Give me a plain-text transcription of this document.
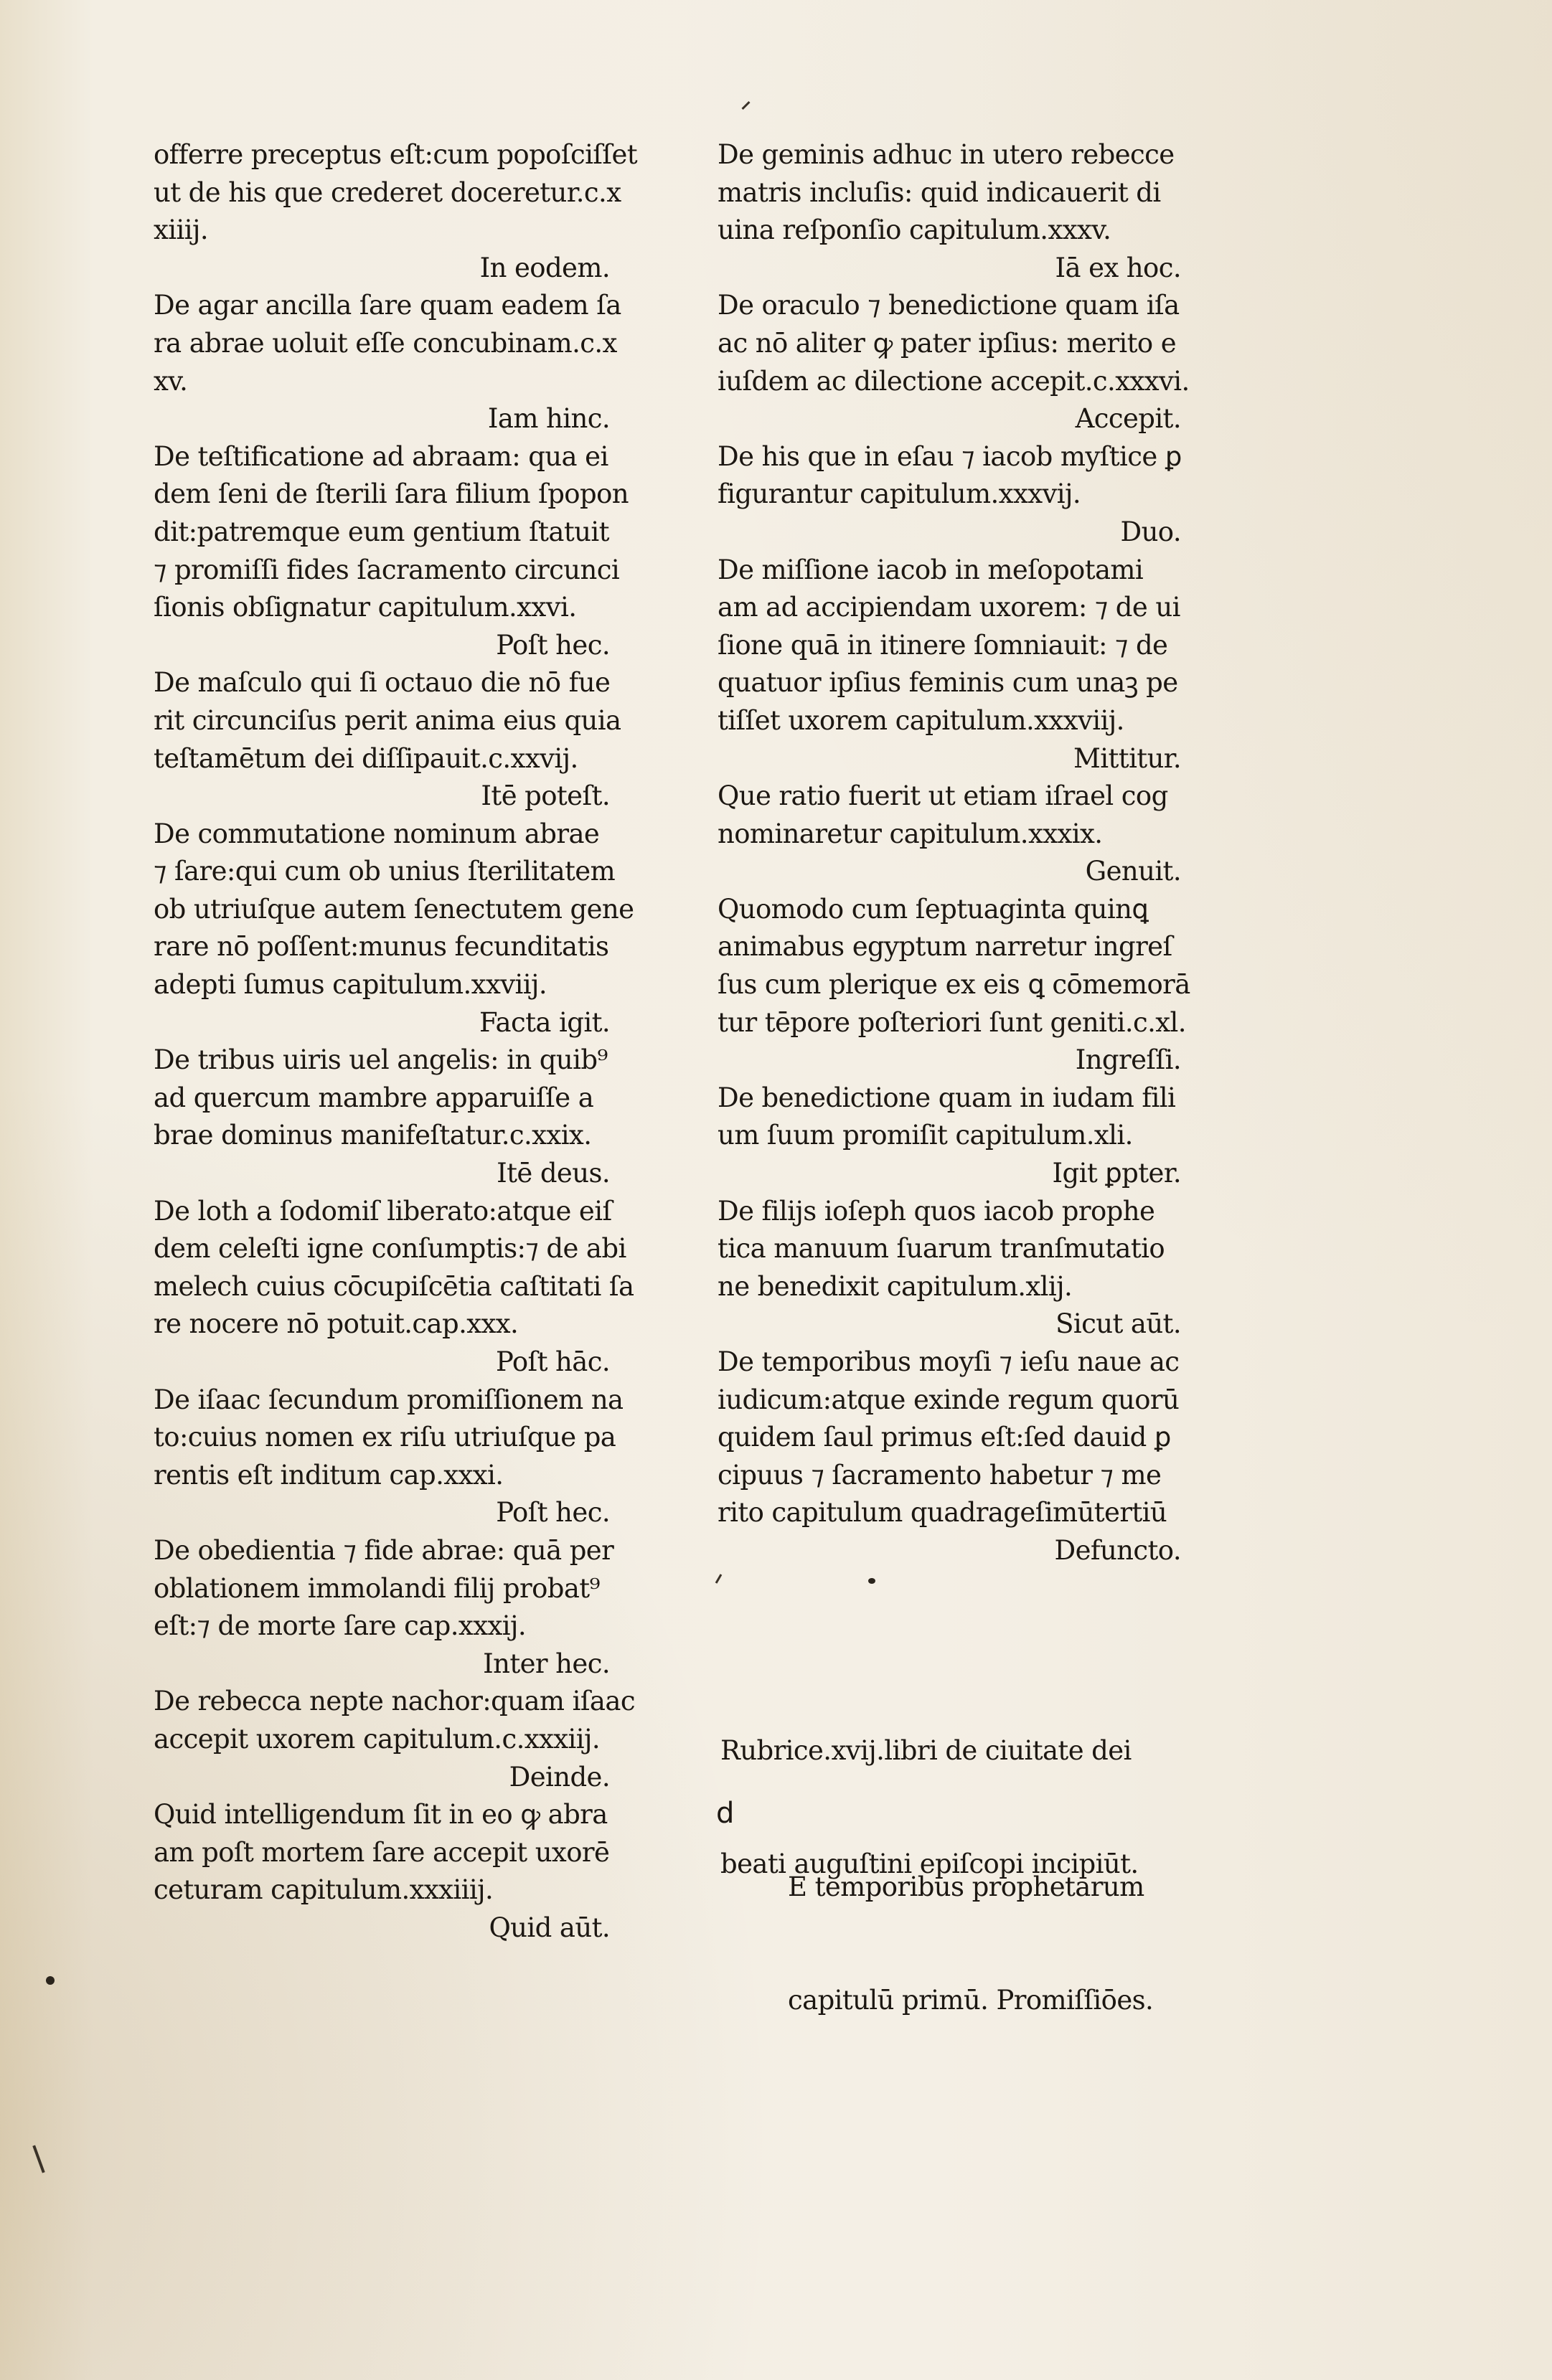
offerre preceptus eſt:cum popoſciſſet
ut de his que crederet doceretur.c.x
xiiij.
In eodem.
De agar ancilla ſare quam eadem ſa
ra abrae uoluit eſſe concubinam.c.x
xv.
Iam hinc.
De teſtificatione ad abraam: qua ei
dem ſeni de ſterili ſara filium ſpopon
dit:patremque eum gentium ſtatuit
⁊ promiſſi fides ſacramento circunci
ſionis obſignatur capitulum.xxvi.
Poſt hec.
De maſculo qui ſi octauo die nō fue
rit circunciſus perit anima eius quia
teſtamētum dei diſſipauit.c.xxvij.
Itē poteſt.
De commutatione nominum abrae
⁊ ſare:qui cum ob unius ſterilitatem
ob utriuſque autem ſenectutem gene
rare nō poſſent:munus fecunditatis
adepti ſumus capitulum.xxviij.
Facta igit.
De tribus uiris uel angelis: in quib⁹
ad quercum mambre apparuiſſe a
brae dominus manifeſtatur.c.xxix.
Itē deus.
De loth a ſodomiſ liberato:atque eiſ
dem celeſti igne conſumptis:⁊ de abi
melech cuius cōcupiſcētia caſtitati ſa
re nocere nō potuit.cap.xxx.
Poſt hāc.
De iſaac ſecundum promiſſionem na
to:cuius nomen ex riſu utriuſque pa
rentis eſt inditum cap.xxxi.
Poſt hec.
De obedientia ⁊ fide abrae: quā per
oblationem immolandi filij probat⁹
eſt:⁊ de morte ſare cap.xxxij.
Inter hec.
De rebecca nepte nachor:quam iſaac
accepit uxorem capitulum.c.xxxiij.
Deinde.
Quid intelligendum ſit in eo ꝙ abra
am poſt mortem ſare accepit uxorē
ceturam capitulum.xxxiiij.
Quid aūt.
De geminis adhuc in utero rebecce
matris incluſis: quid indicauerit di
uina reſponſio capitulum.xxxv.
Iā ex hoc.
De oraculo ⁊ benedictione quam iſa
ac nō aliter ꝙ pater ipſius: merito e
iuſdem ac dilectione accepit.c.xxxvi.
Accepit.
De his que in eſau ⁊ iacob myſtice ꝑ
figurantur capitulum.xxxvij.
Duo.
De miſſione iacob in meſopotami
am ad accipiendam uxorem: ⁊ de ui
ſione quā in itinere ſomniauit: ⁊ de
quatuor ipſius feminis cum unaꝫ pe
tiſſet uxorem capitulum.xxxviij.
Mittitur.
Que ratio fuerit ut etiam iſrael cog
nominaretur capitulum.xxxix.
Genuit.
Quomodo cum ſeptuaginta quinꝗ
animabus egyptum narretur ingreſ
ſus cum plerique ex eis ꝗ cōmemorā
tur tēpore poſteriori ſunt geniti.c.xl.
Ingreſſi.
De benedictione quam in iudam fili
um ſuum promiſit capitulum.xli.
Igit ꝑpter.
De filijs ioſeph quos iacob prophe
tica manuum ſuarum tranſmutatio
ne benedixit capitulum.xlij.
Sicut aūt.
De temporibus moyſi ⁊ ieſu naue ac
iudicum:atque exinde regum quorū
quidem ſaul primus eſt:ſed dauid ꝑ
cipuus ⁊ ſacramento habetur ⁊ me
rito capitulum quadrageſimūtertiū
Defuncto.

Rubrice.xvij.libri de ciuitate dei

beati auguſtini epiſcopi incipiūt.

d

E temporibus prophetarum

capitulū primū. Promiſſiōes.
